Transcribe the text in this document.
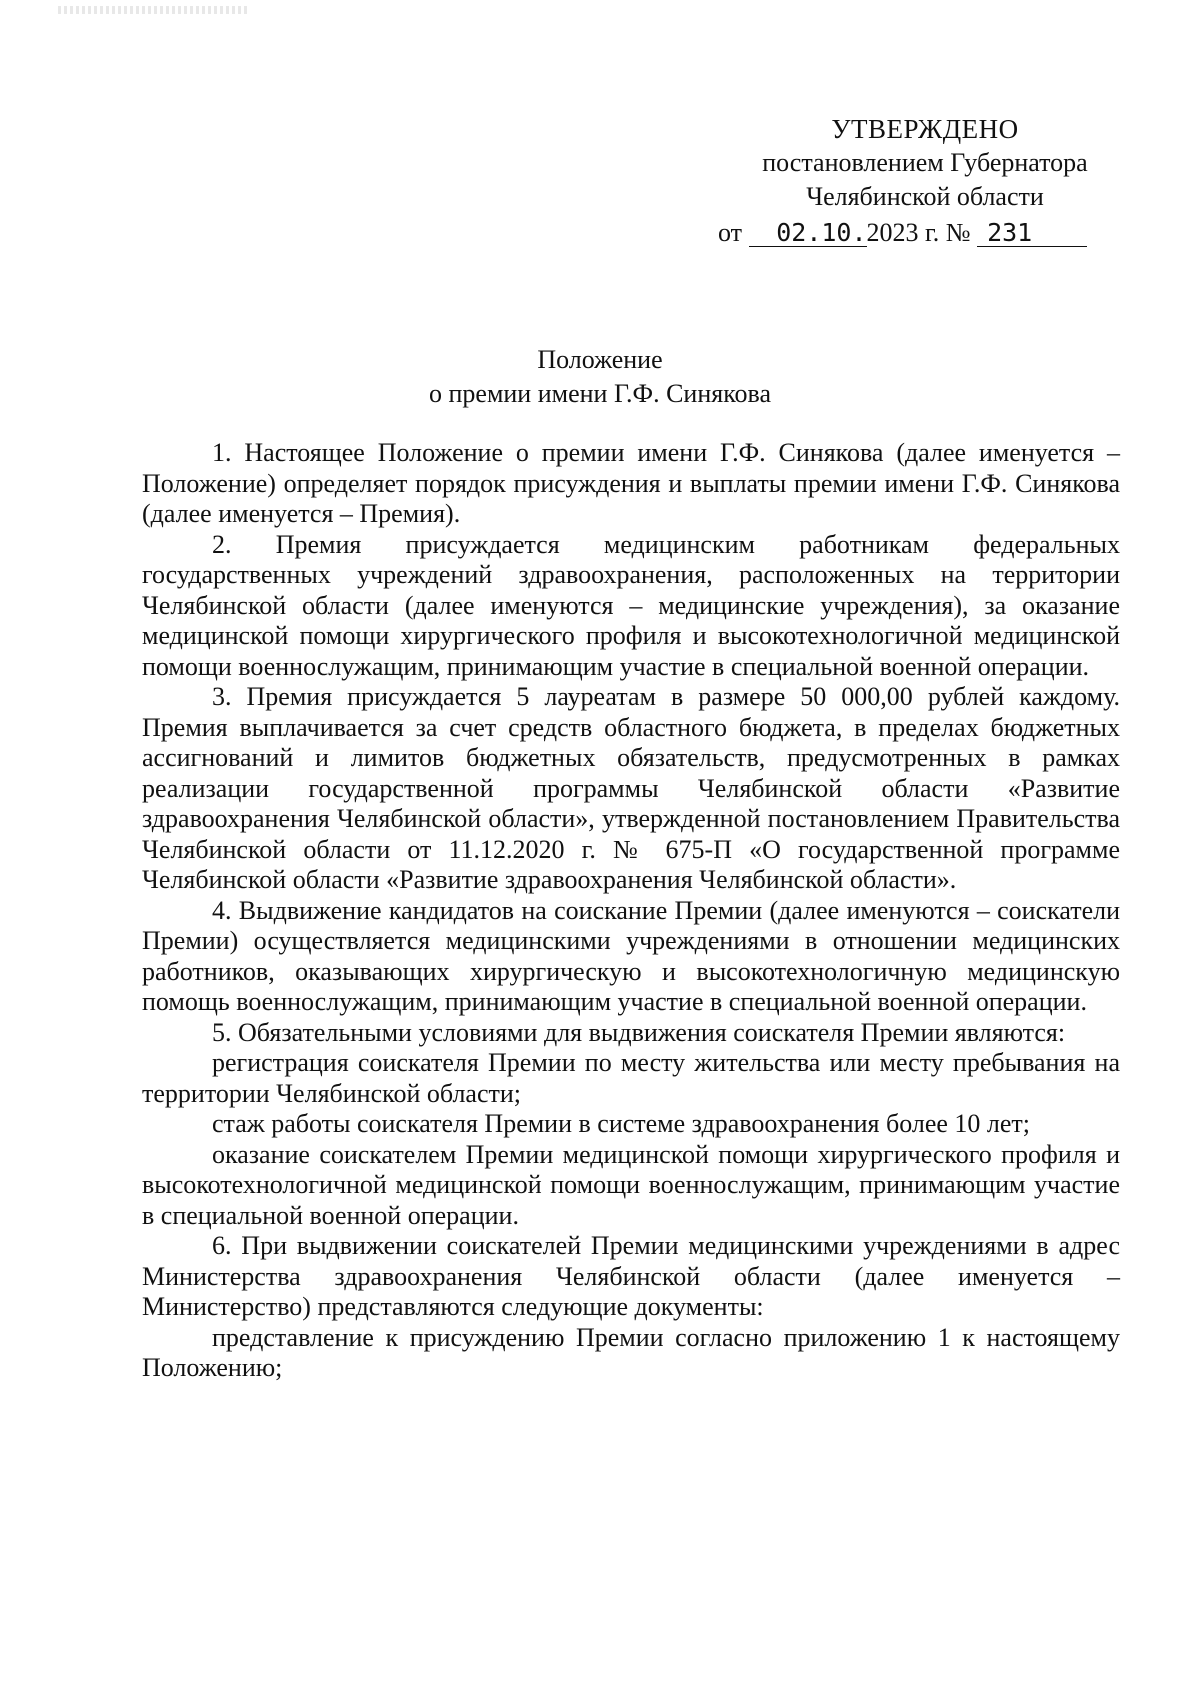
УТВЕРЖДЕНО
постановлением Губернатора
Челябинской области
от 02.10.2023 г. № 231
Положение
о премии имени Г.Ф. Синякова

1. Настоящее Положение о премии имени Г.Ф. Синякова (далее именуется – Положение) определяет порядок присуждения и выплаты премии имени Г.Ф. Синякова (далее именуется – Премия).

2. Премия присуждается медицинским работникам федеральных государственных учреждений здравоохранения, расположенных на территории Челябинской области (далее именуются – медицинские учреждения), за оказание медицинской помощи хирургического профиля и высокотехнологичной медицинской помощи военнослужащим, принимающим участие в специальной военной операции.

3. Премия присуждается 5 лауреатам в размере 50 000,00 рублей каждому. Премия выплачивается за счет средств областного бюджета, в пределах бюджетных ассигнований и лимитов бюджетных обязательств, предусмотренных в рамках реализации государственной программы Челябинской области «Развитие здравоохранения Челябинской области», утвержденной постановлением Правительства Челябинской области от 11.12.2020 г. № 675-П «О государственной программе Челябинской области «Развитие здравоохранения Челябинской области».

4. Выдвижение кандидатов на соискание Премии (далее именуются – соискатели Премии) осуществляется медицинскими учреждениями в отношении медицинских работников, оказывающих хирургическую и высокотехнологичную медицинскую помощь военнослужащим, принимающим участие в специальной военной операции.

5. Обязательными условиями для выдвижения соискателя Премии являются:

регистрация соискателя Премии по месту жительства или месту пребывания на территории Челябинской области;

стаж работы соискателя Премии в системе здравоохранения более 10 лет;

оказание соискателем Премии медицинской помощи хирургического профиля и высокотехнологичной медицинской помощи военнослужащим, принимающим участие в специальной военной операции.

6. При выдвижении соискателей Премии медицинскими учреждениями в адрес Министерства здравоохранения Челябинской области (далее именуется – Министерство) представляются следующие документы:

представление к присуждению Премии согласно приложению 1 к настоящему Положению;
